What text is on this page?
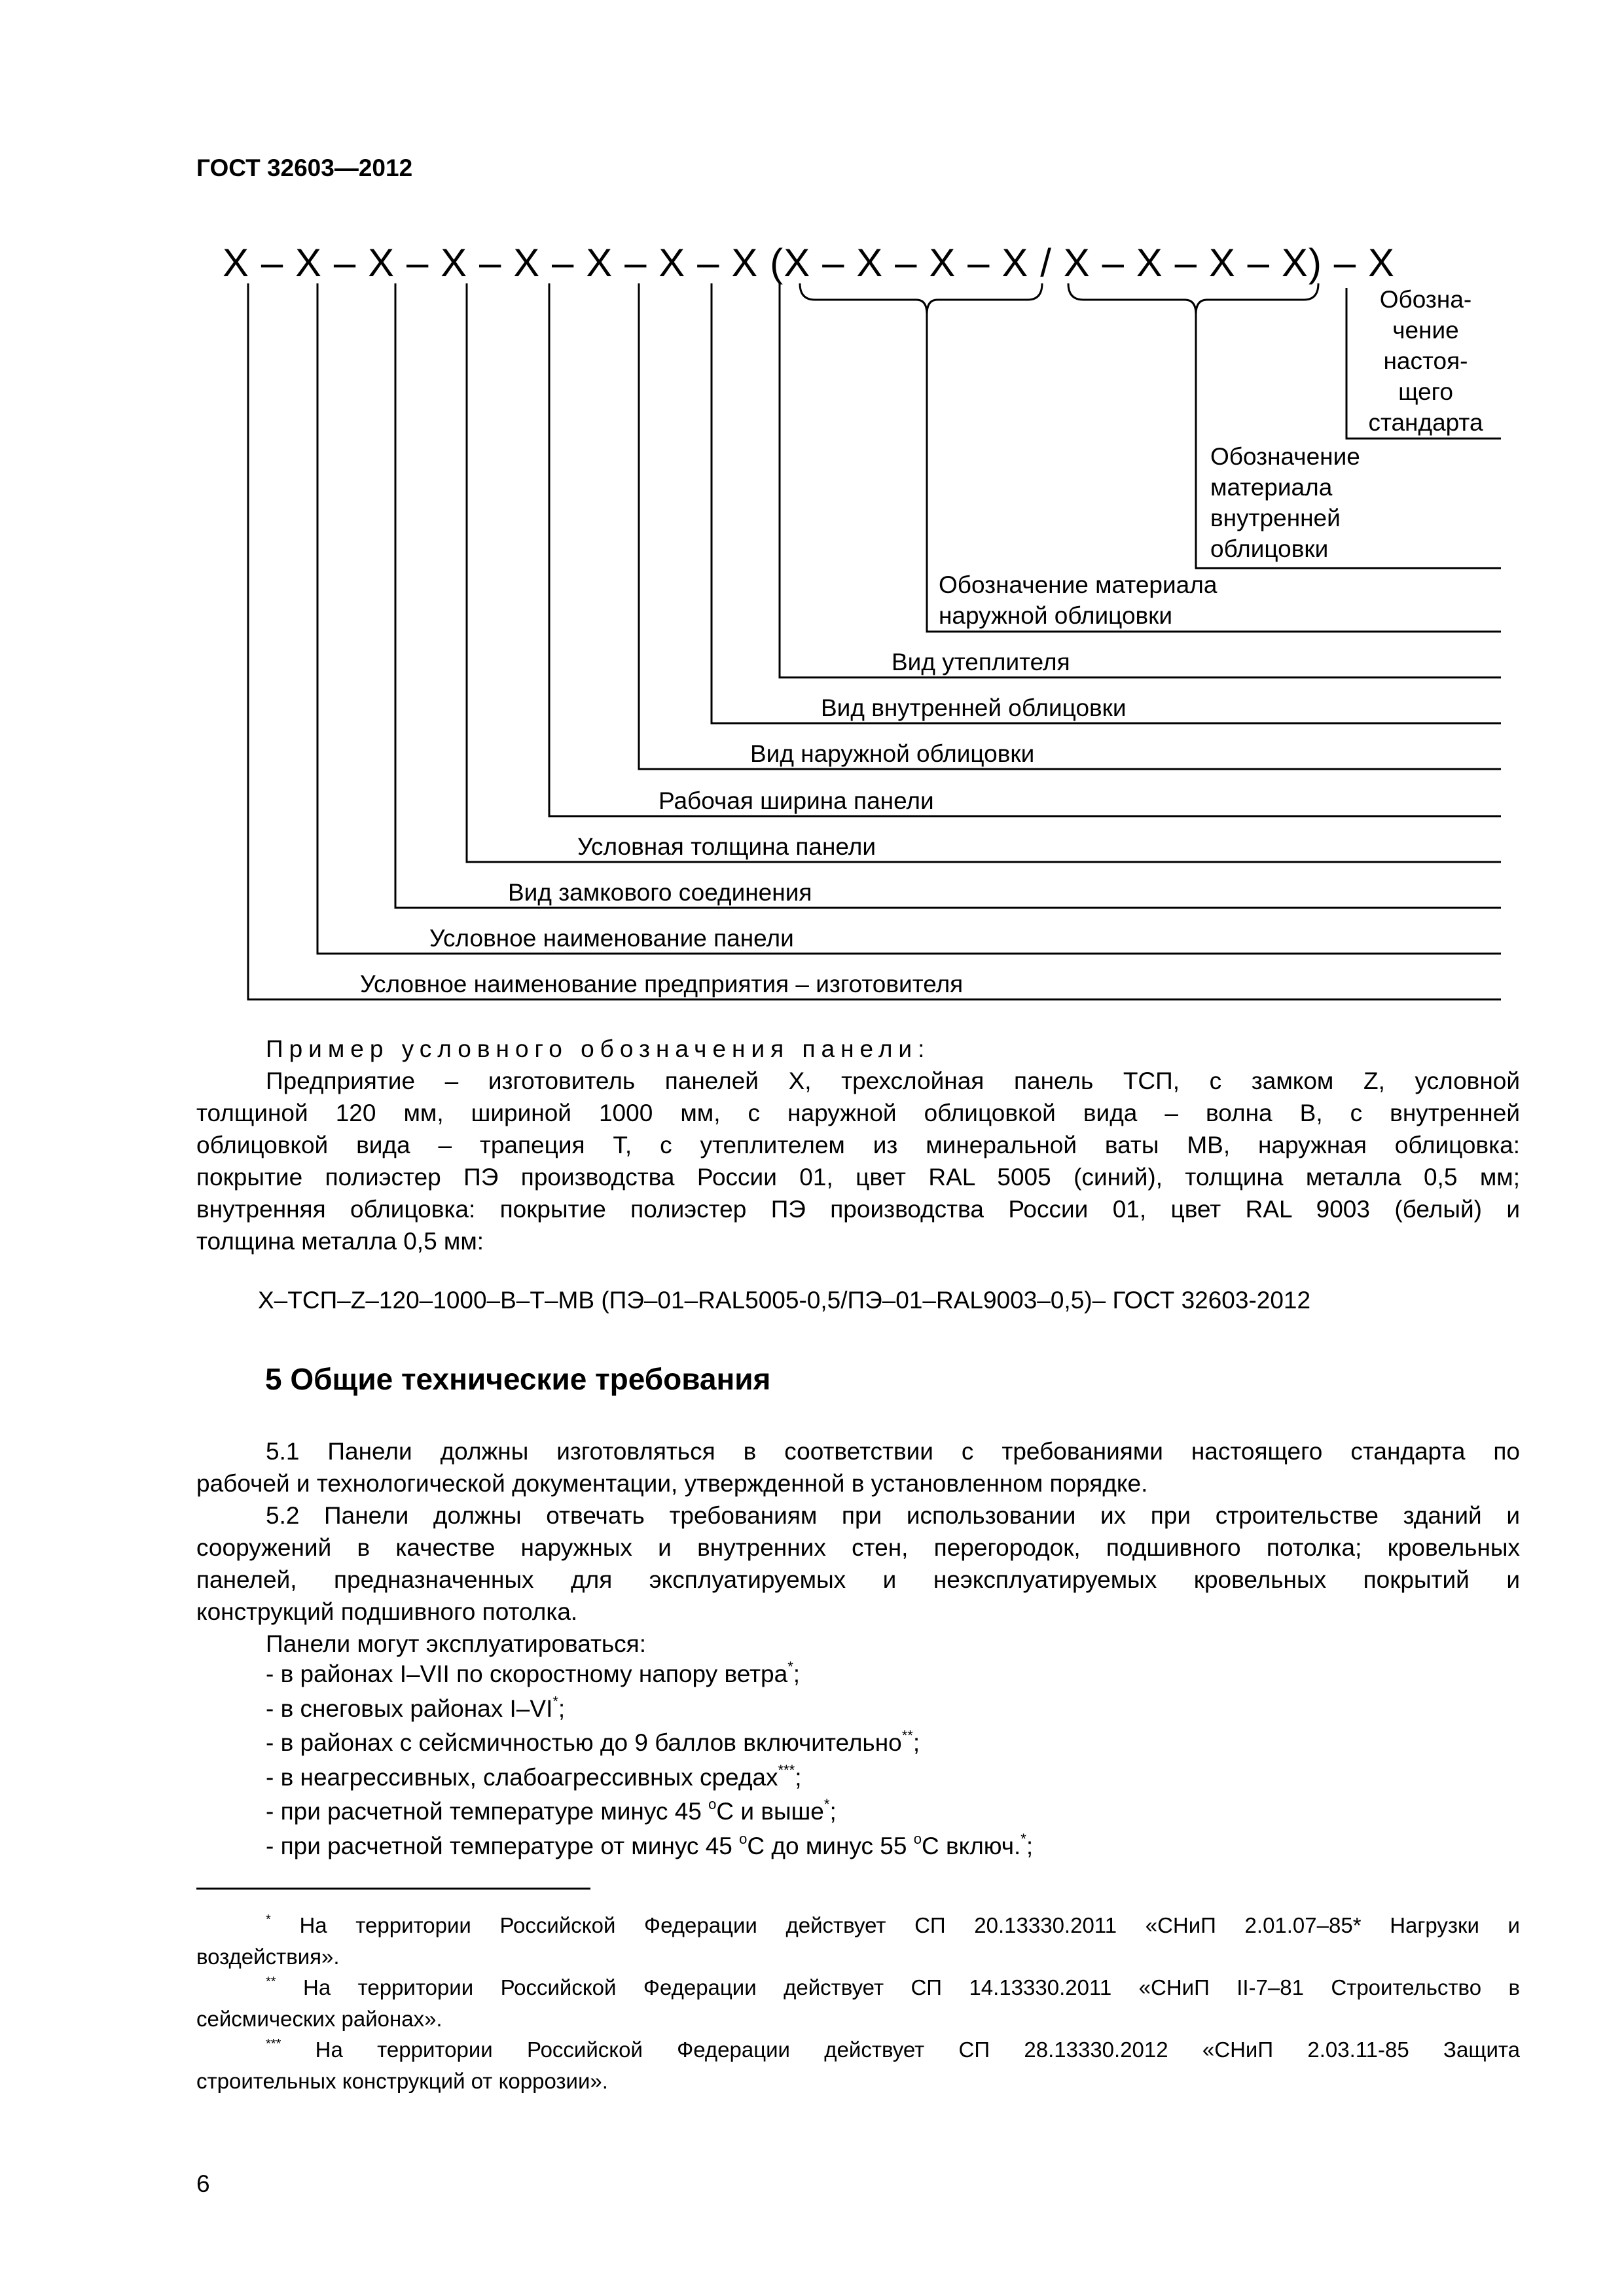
ГОСТ 32603—2012
X – X – X – X – X – X – X – X (X – X – X – X / X – X – X – X) – X
Условное наименование предприятия – изготовителя
Условное наименование панели
Вид замкового соединения
Условная толщина панели
Рабочая ширина панели
Вид наружной облицовки
Вид внутренней облицовки
Вид утеплителя
Обозначение материала
наружной облицовки
Обозначение
материала
внутренней
облицовки
Обозна-
чение
настоя-
щего
стандарта
Пример условного обозначения панели:
Предприятие – изготовитель панелей X, трехслойная панель ТСП, с замком Z, условной
толщиной 120 мм, шириной 1000 мм, с наружной облицовкой вида – волна В, с внутренней
облицовкой вида – трапеция Т, с утеплителем из минеральной ваты МВ, наружная облицовка:
покрытие полиэстер ПЭ производства России 01, цвет RAL 5005 (синий), толщина металла 0,5 мм;
внутренняя облицовка: покрытие полиэстер ПЭ производства России 01, цвет RAL 9003 (белый) и
толщина металла 0,5 мм:
X–ТСП–Z–120–1000–В–Т–МВ (ПЭ–01–RAL5005-0,5/ПЭ–01–RAL9003–0,5)– ГОСТ 32603-2012
5 Общие технические требования
5.1 Панели должны изготовляться в соответствии с требованиями настоящего стандарта по
рабочей и технологической документации, утвержденной в установленном порядке.
5.2 Панели должны отвечать требованиям при использовании их при строительстве зданий и
сооружений в качестве наружных и внутренних стен, перегородок, подшивного потолка; кровельных
панелей, предназначенных для эксплуатируемых и неэксплуатируемых кровельных покрытий и
конструкций подшивного потолка.
Панели могут эксплуатироваться:
- в районах I–VII по скоростному напору ветра*;
- в снеговых районах I–VI*;
- в районах с сейсмичностью до 9 баллов включительно**;
- в неагрессивных, слабоагрессивных средах***;
- при расчетной температуре минус 45 $^o$С и выше*;
- при расчетной температуре от минус 45 $^o$С до минус 55 $^o$С включ.*;
* На территории Российской Федерации действует СП 20.13330.2011 «СНиП 2.01.07–85* Нагрузки и
воздействия».
** На территории Российской Федерации действует СП 14.13330.2011 «СНиП II-7–81 Строительство в
сейсмических районах».
*** На территории Российской Федерации действует СП 28.13330.2012 «СНиП 2.03.11-85 Защита
строительных конструкций от коррозии».
6
